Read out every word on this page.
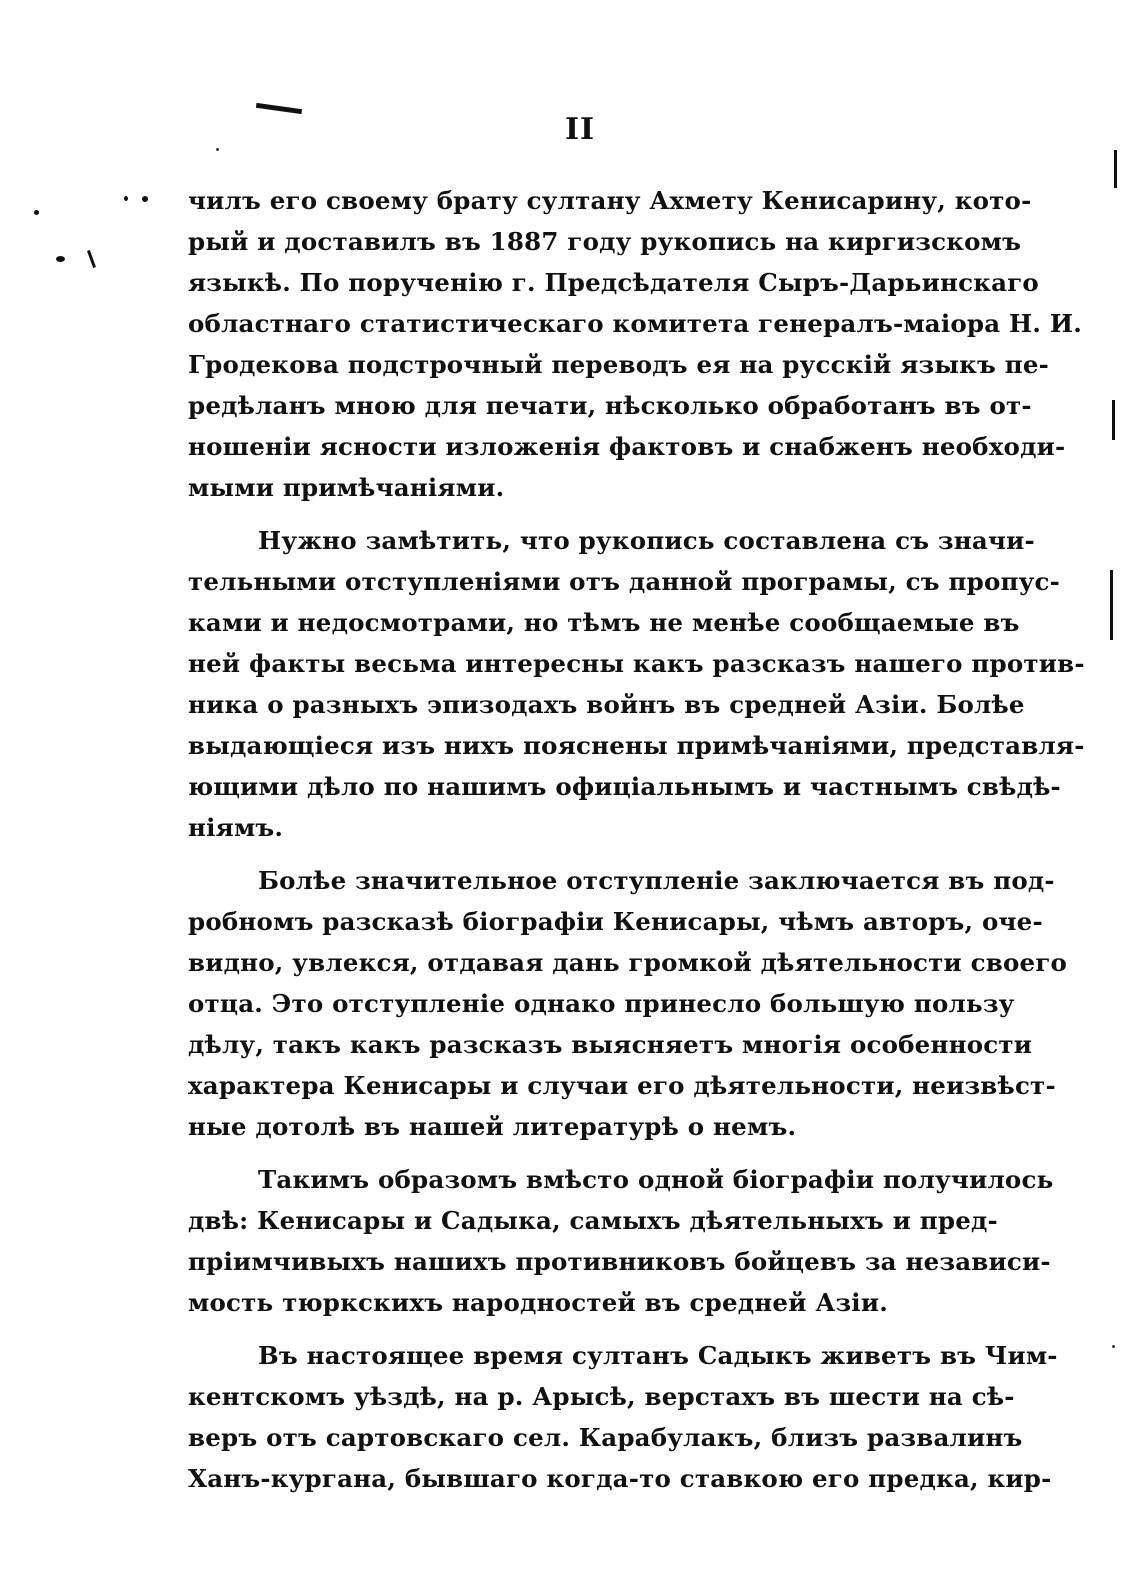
II
чилъ его своему брату султану Ахмету Кенисарину, кото-
рый и доставилъ въ 1887 году рукопись на киргизскомъ
языкѣ. По порученію г. Предсѣдателя Сыръ-Дарьинскаго
областнаго статистическаго комитета генералъ-маіора Н. И.
Гродекова подстрочный переводъ ея на русскій языкъ пе-
редѣланъ мною для печати, нѣсколько обработанъ въ от-
ношеніи ясности изложенія фактовъ и снабженъ необходи-
мыми примѣчаніями.
Нужно замѣтить, что рукопись составлена съ значи-
тельными отступленіями отъ данной програмы, съ пропус-
ками и недосмотрами, но тѣмъ не менѣе сообщаемые въ
ней факты весьма интересны какъ разсказъ нашего против-
ника о разныхъ эпизодахъ войнъ въ средней Азіи. Болѣе
выдающіеся изъ нихъ пояснены примѣчаніями, представля-
ющими дѣло по нашимъ офиціальнымъ и частнымъ свѣдѣ-
ніямъ.
Болѣе значительное отступленіе заключается въ под-
робномъ разсказѣ біографіи Кенисары, чѣмъ авторъ, оче-
видно, увлекся, отдавая дань громкой дѣятельности своего
отца. Это отступленіе однако принесло большую пользу
дѣлу, такъ какъ разсказъ выясняетъ многія особенности
характера Кенисары и случаи его дѣятельности, неизвѣст-
ные дотолѣ въ нашей литературѣ о немъ.
Такимъ образомъ вмѣсто одной біографіи получилось
двѣ: Кенисары и Садыка, самыхъ дѣятельныхъ и пред-
пріимчивыхъ нашихъ противниковъ бойцевъ за независи-
мость тюркскихъ народностей въ средней Азіи.
Въ настоящее время султанъ Садыкъ живетъ въ Чим-
кентскомъ уѣздѣ, на р. Арысѣ, верстахъ въ шести на сѣ-
веръ отъ сартовскаго сел. Карабулакъ, близъ развалинъ
Ханъ-кургана, бывшаго когда-то ставкою его предка, кир-
